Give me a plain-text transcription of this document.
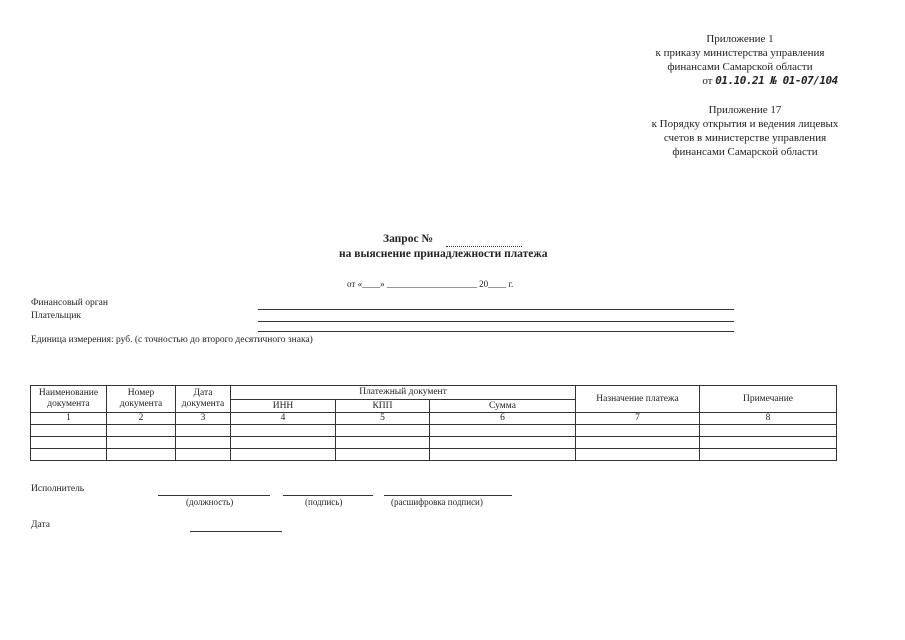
Приложение 1
к приказу министерства управления
финансами Самарской области
от 01.10.21 № 01-07/104
Приложение 17
к Порядку открытия и ведения лицевых
счетов в министерстве управления
финансами Самарской области
Запрос №
на выяснение принадлежности платежа
от «____» ____________________ 20____ г.
Финансовый орган
Плательщик
Единица измерения: руб. (с точностью до второго десятичного знака)
Наименование документа	Номер документа	Дата документа	Платежный документ			Назначение платежа	Примечание
			ИНН	КПП	Сумма		
1	2	3	4	5	6	7	8

Исполнитель
(должность)	(подпись)	(расшифровка подписи)
Дата
